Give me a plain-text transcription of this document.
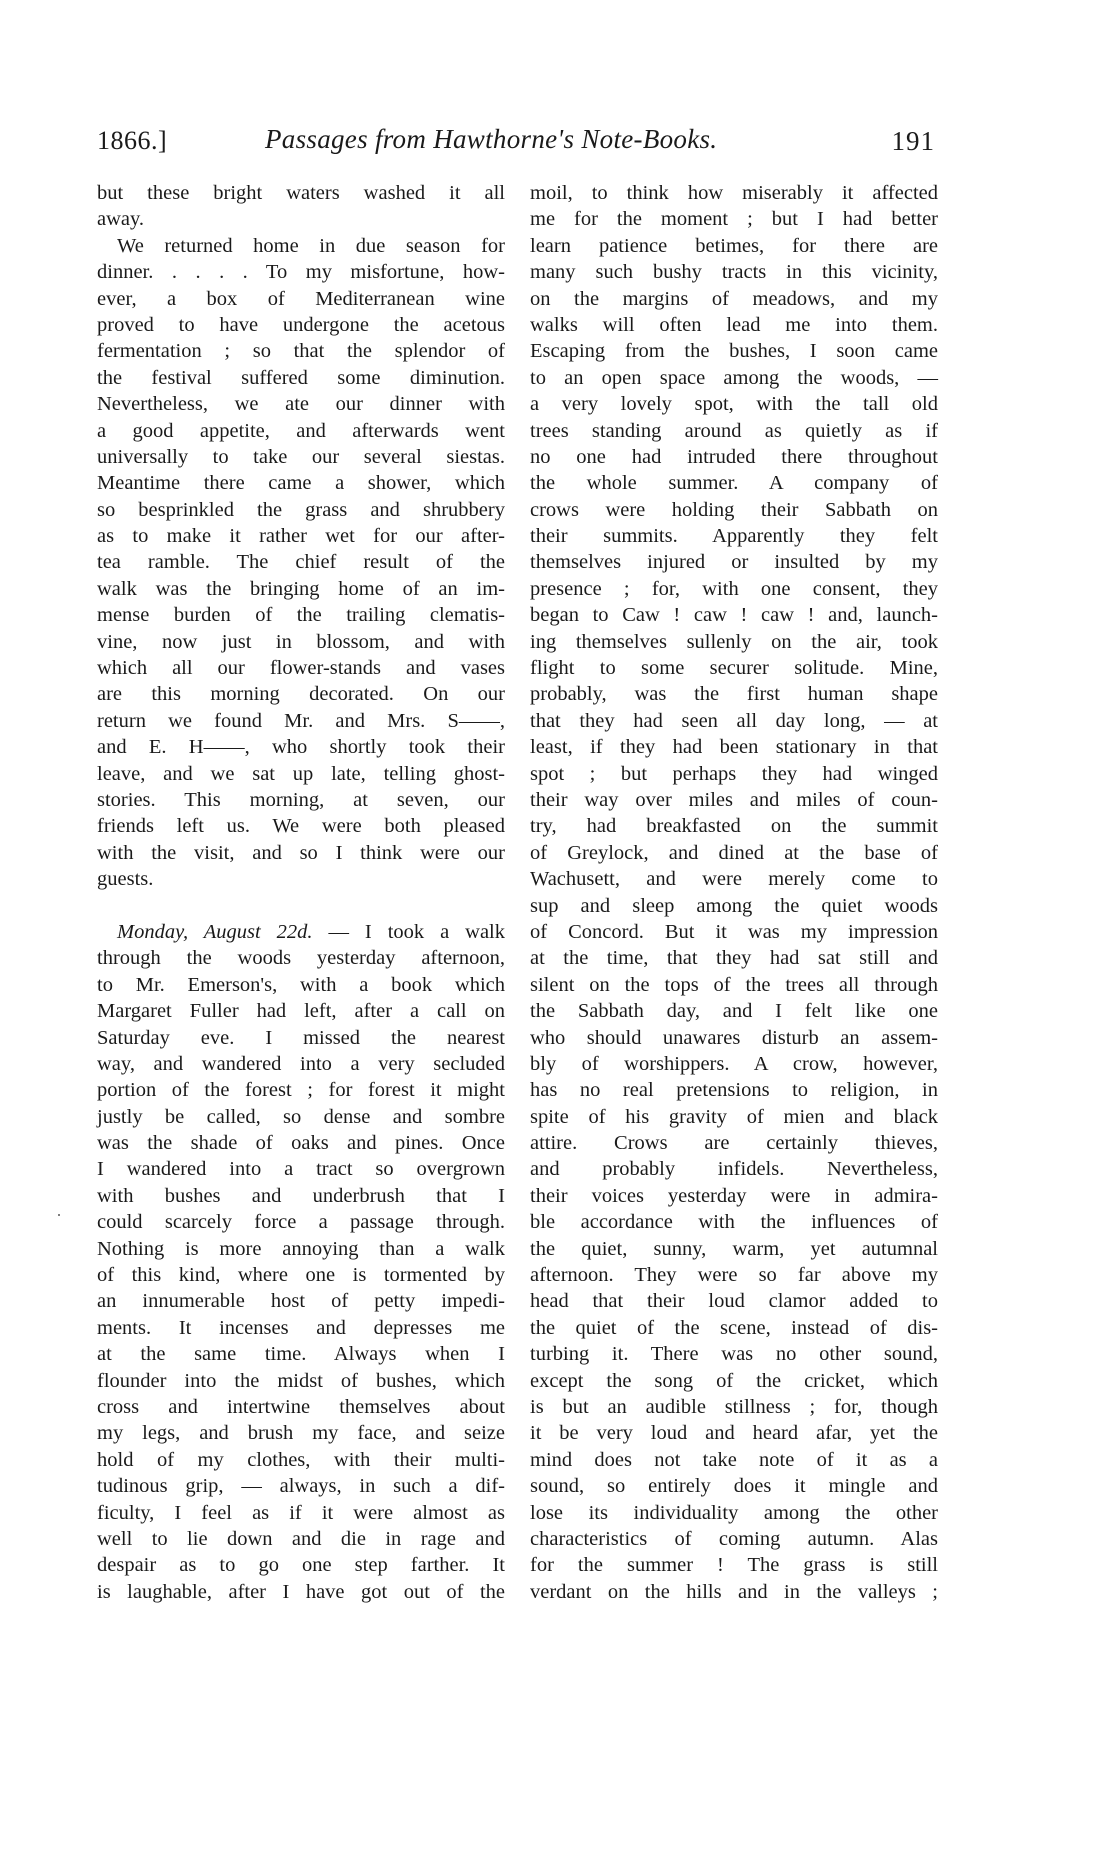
1866.]	Passages from Hawthorne's Note-Books.	191
but these bright waters washed it all
away.
We returned home in due season for
dinner. . . . . To my misfortune, how-
ever, a box of Mediterranean wine
proved to have undergone the acetous
fermentation ; so that the splendor of
the festival suffered some diminution.
Nevertheless, we ate our dinner with
a good appetite, and afterwards went
universally to take our several siestas.
Meantime there came a shower, which
so besprinkled the grass and shrubbery
as to make it rather wet for our after-
tea ramble. The chief result of the
walk was the bringing home of an im-
mense burden of the trailing clematis-
vine, now just in blossom, and with
which all our flower-stands and vases
are this morning decorated. On our
return we found Mr. and Mrs. S——,
and E. H——, who shortly took their
leave, and we sat up late, telling ghost-
stories. This morning, at seven, our
friends left us. We were both pleased
with the visit, and so I think were our
guests.
Monday, August 22d. — I took a walk
through the woods yesterday afternoon,
to Mr. Emerson's, with a book which
Margaret Fuller had left, after a call on
Saturday eve. I missed the nearest
way, and wandered into a very secluded
portion of the forest ; for forest it might
justly be called, so dense and sombre
was the shade of oaks and pines. Once
I wandered into a tract so overgrown
with bushes and underbrush that I
could scarcely force a passage through.
Nothing is more annoying than a walk
of this kind, where one is tormented by
an innumerable host of petty impedi-
ments. It incenses and depresses me
at the same time. Always when I
flounder into the midst of bushes, which
cross and intertwine themselves about
my legs, and brush my face, and seize
hold of my clothes, with their multi-
tudinous grip, — always, in such a dif-
ficulty, I feel as if it were almost as
well to lie down and die in rage and
despair as to go one step farther. It
is laughable, after I have got out of the
moil, to think how miserably it affected
me for the moment ; but I had better
learn patience betimes, for there are
many such bushy tracts in this vicinity,
on the margins of meadows, and my
walks will often lead me into them.
Escaping from the bushes, I soon came
to an open space among the woods, —
a very lovely spot, with the tall old
trees standing around as quietly as if
no one had intruded there throughout
the whole summer. A company of
crows were holding their Sabbath on
their summits. Apparently they felt
themselves injured or insulted by my
presence ; for, with one consent, they
began to Caw ! caw ! caw ! and, launch-
ing themselves sullenly on the air, took
flight to some securer solitude. Mine,
probably, was the first human shape
that they had seen all day long, — at
least, if they had been stationary in that
spot ; but perhaps they had winged
their way over miles and miles of coun-
try, had breakfasted on the summit
of Greylock, and dined at the base of
Wachusett, and were merely come to
sup and sleep among the quiet woods
of Concord. But it was my impression
at the time, that they had sat still and
silent on the tops of the trees all through
the Sabbath day, and I felt like one
who should unawares disturb an assem-
bly of worshippers. A crow, however,
has no real pretensions to religion, in
spite of his gravity of mien and black
attire. Crows are certainly thieves,
and probably infidels. Nevertheless,
their voices yesterday were in admira-
ble accordance with the influences of
the quiet, sunny, warm, yet autumnal
afternoon. They were so far above my
head that their loud clamor added to
the quiet of the scene, instead of dis-
turbing it. There was no other sound,
except the song of the cricket, which
is but an audible stillness ; for, though
it be very loud and heard afar, yet the
mind does not take note of it as a
sound, so entirely does it mingle and
lose its individuality among the other
characteristics of coming autumn. Alas
for the summer ! The grass is still
verdant on the hills and in the valleys ;
